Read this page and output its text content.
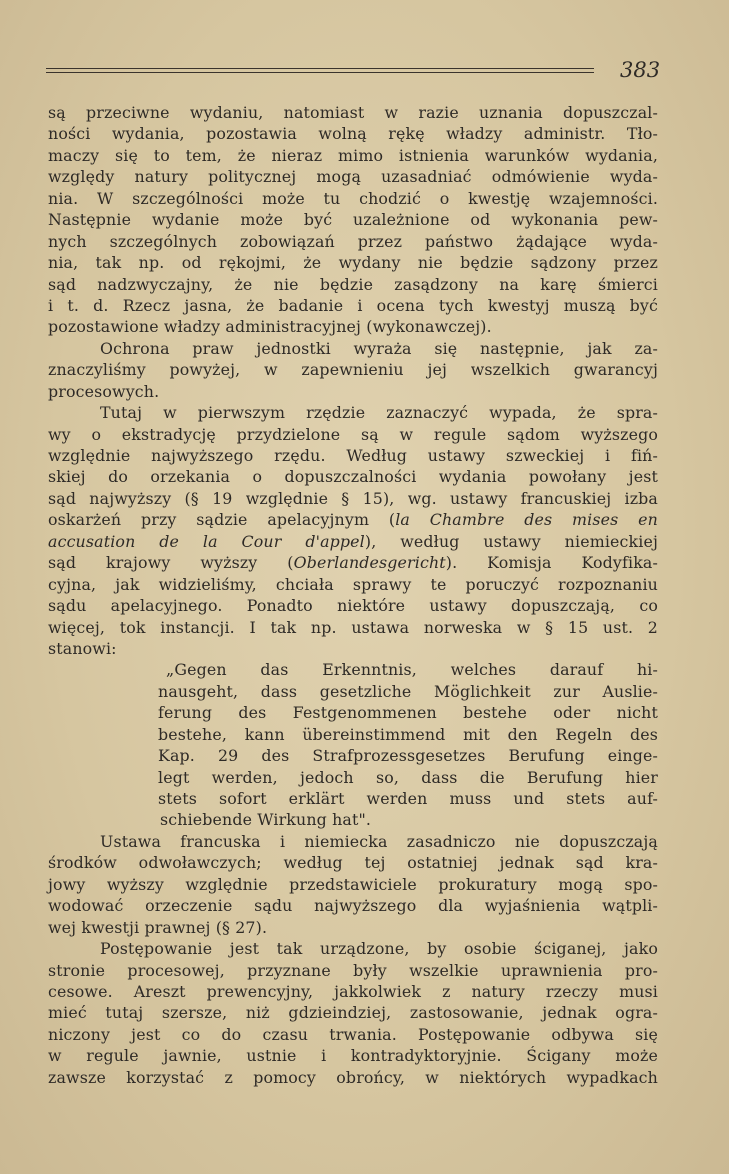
383
są przeciwne wydaniu, natomiast w razie uznania dopuszczal-
ności wydania, pozostawia wolną rękę władzy administr. Tło-
maczy się to tem, że nieraz mimo istnienia warunków wydania,
względy natury politycznej mogą uzasadniać odmówienie wyda-
nia. W szczególności może tu chodzić o kwestję wzajemności.
Następnie wydanie może być uzależnione od wykonania pew-
nych szczególnych zobowiązań przez państwo żądające wyda-
nia, tak np. od rękojmi, że wydany nie będzie sądzony przez
sąd nadzwyczajny, że nie będzie zasądzony na karę śmierci
i t. d. Rzecz jasna, że badanie i ocena tych kwestyj muszą być
pozostawione władzy administracyjnej (wykonawczej).
Ochrona praw jednostki wyraża się następnie, jak za-
znaczyliśmy powyżej, w zapewnieniu jej wszelkich gwarancyj
procesowych.
Tutaj w pierwszym rzędzie zaznaczyć wypada, że spra-
wy o ekstradycję przydzielone są w regule sądom wyższego
względnie najwyższego rzędu. Według ustawy szweckiej i fiń-
skiej do orzekania o dopuszczalności wydania powołany jest
sąd najwyższy (§ 19 względnie § 15), wg. ustawy francuskiej izba
oskarżeń przy sądzie apelacyjnym (la Chambre des mises en
accusation de la Cour d'appel), według ustawy niemieckiej
sąd krajowy wyższy (Oberlandesgericht). Komisja Kodyfika-
cyjna, jak widzieliśmy, chciała sprawy te poruczyć rozpoznaniu
sądu apelacyjnego. Ponadto niektóre ustawy dopuszczają, co
więcej, tok instancji. I tak np. ustawa norweska w § 15 ust. 2
stanowi:
„Gegen das Erkenntnis, welches darauf hi-
nausgeht, dass gesetzliche Möglichkeit zur Auslie-
ferung des Festgenommenen bestehe oder nicht
bestehe, kann übereinstimmend mit den Regeln des
Kap. 29 des Strafprozessgesetzes Berufung einge-
legt werden, jedoch so, dass die Berufung hier
stets sofort erklärt werden muss und stets auf-
schiebende Wirkung hat".
Ustawa francuska i niemiecka zasadniczo nie dopuszczają
środków odwoławczych; według tej ostatniej jednak sąd kra-
jowy wyższy względnie przedstawiciele prokuratury mogą spo-
wodować orzeczenie sądu najwyższego dla wyjaśnienia wątpli-
wej kwestji prawnej (§ 27).
Postępowanie jest tak urządzone, by osobie ściganej, jako
stronie procesowej, przyznane były wszelkie uprawnienia pro-
cesowe. Areszt prewencyjny, jakkolwiek z natury rzeczy musi
mieć tutaj szersze, niż gdzieindziej, zastosowanie, jednak ogra-
niczony jest co do czasu trwania. Postępowanie odbywa się
w regule jawnie, ustnie i kontradyktoryjnie. Ścigany może
zawsze korzystać z pomocy obrońcy, w niektórych wypadkach
